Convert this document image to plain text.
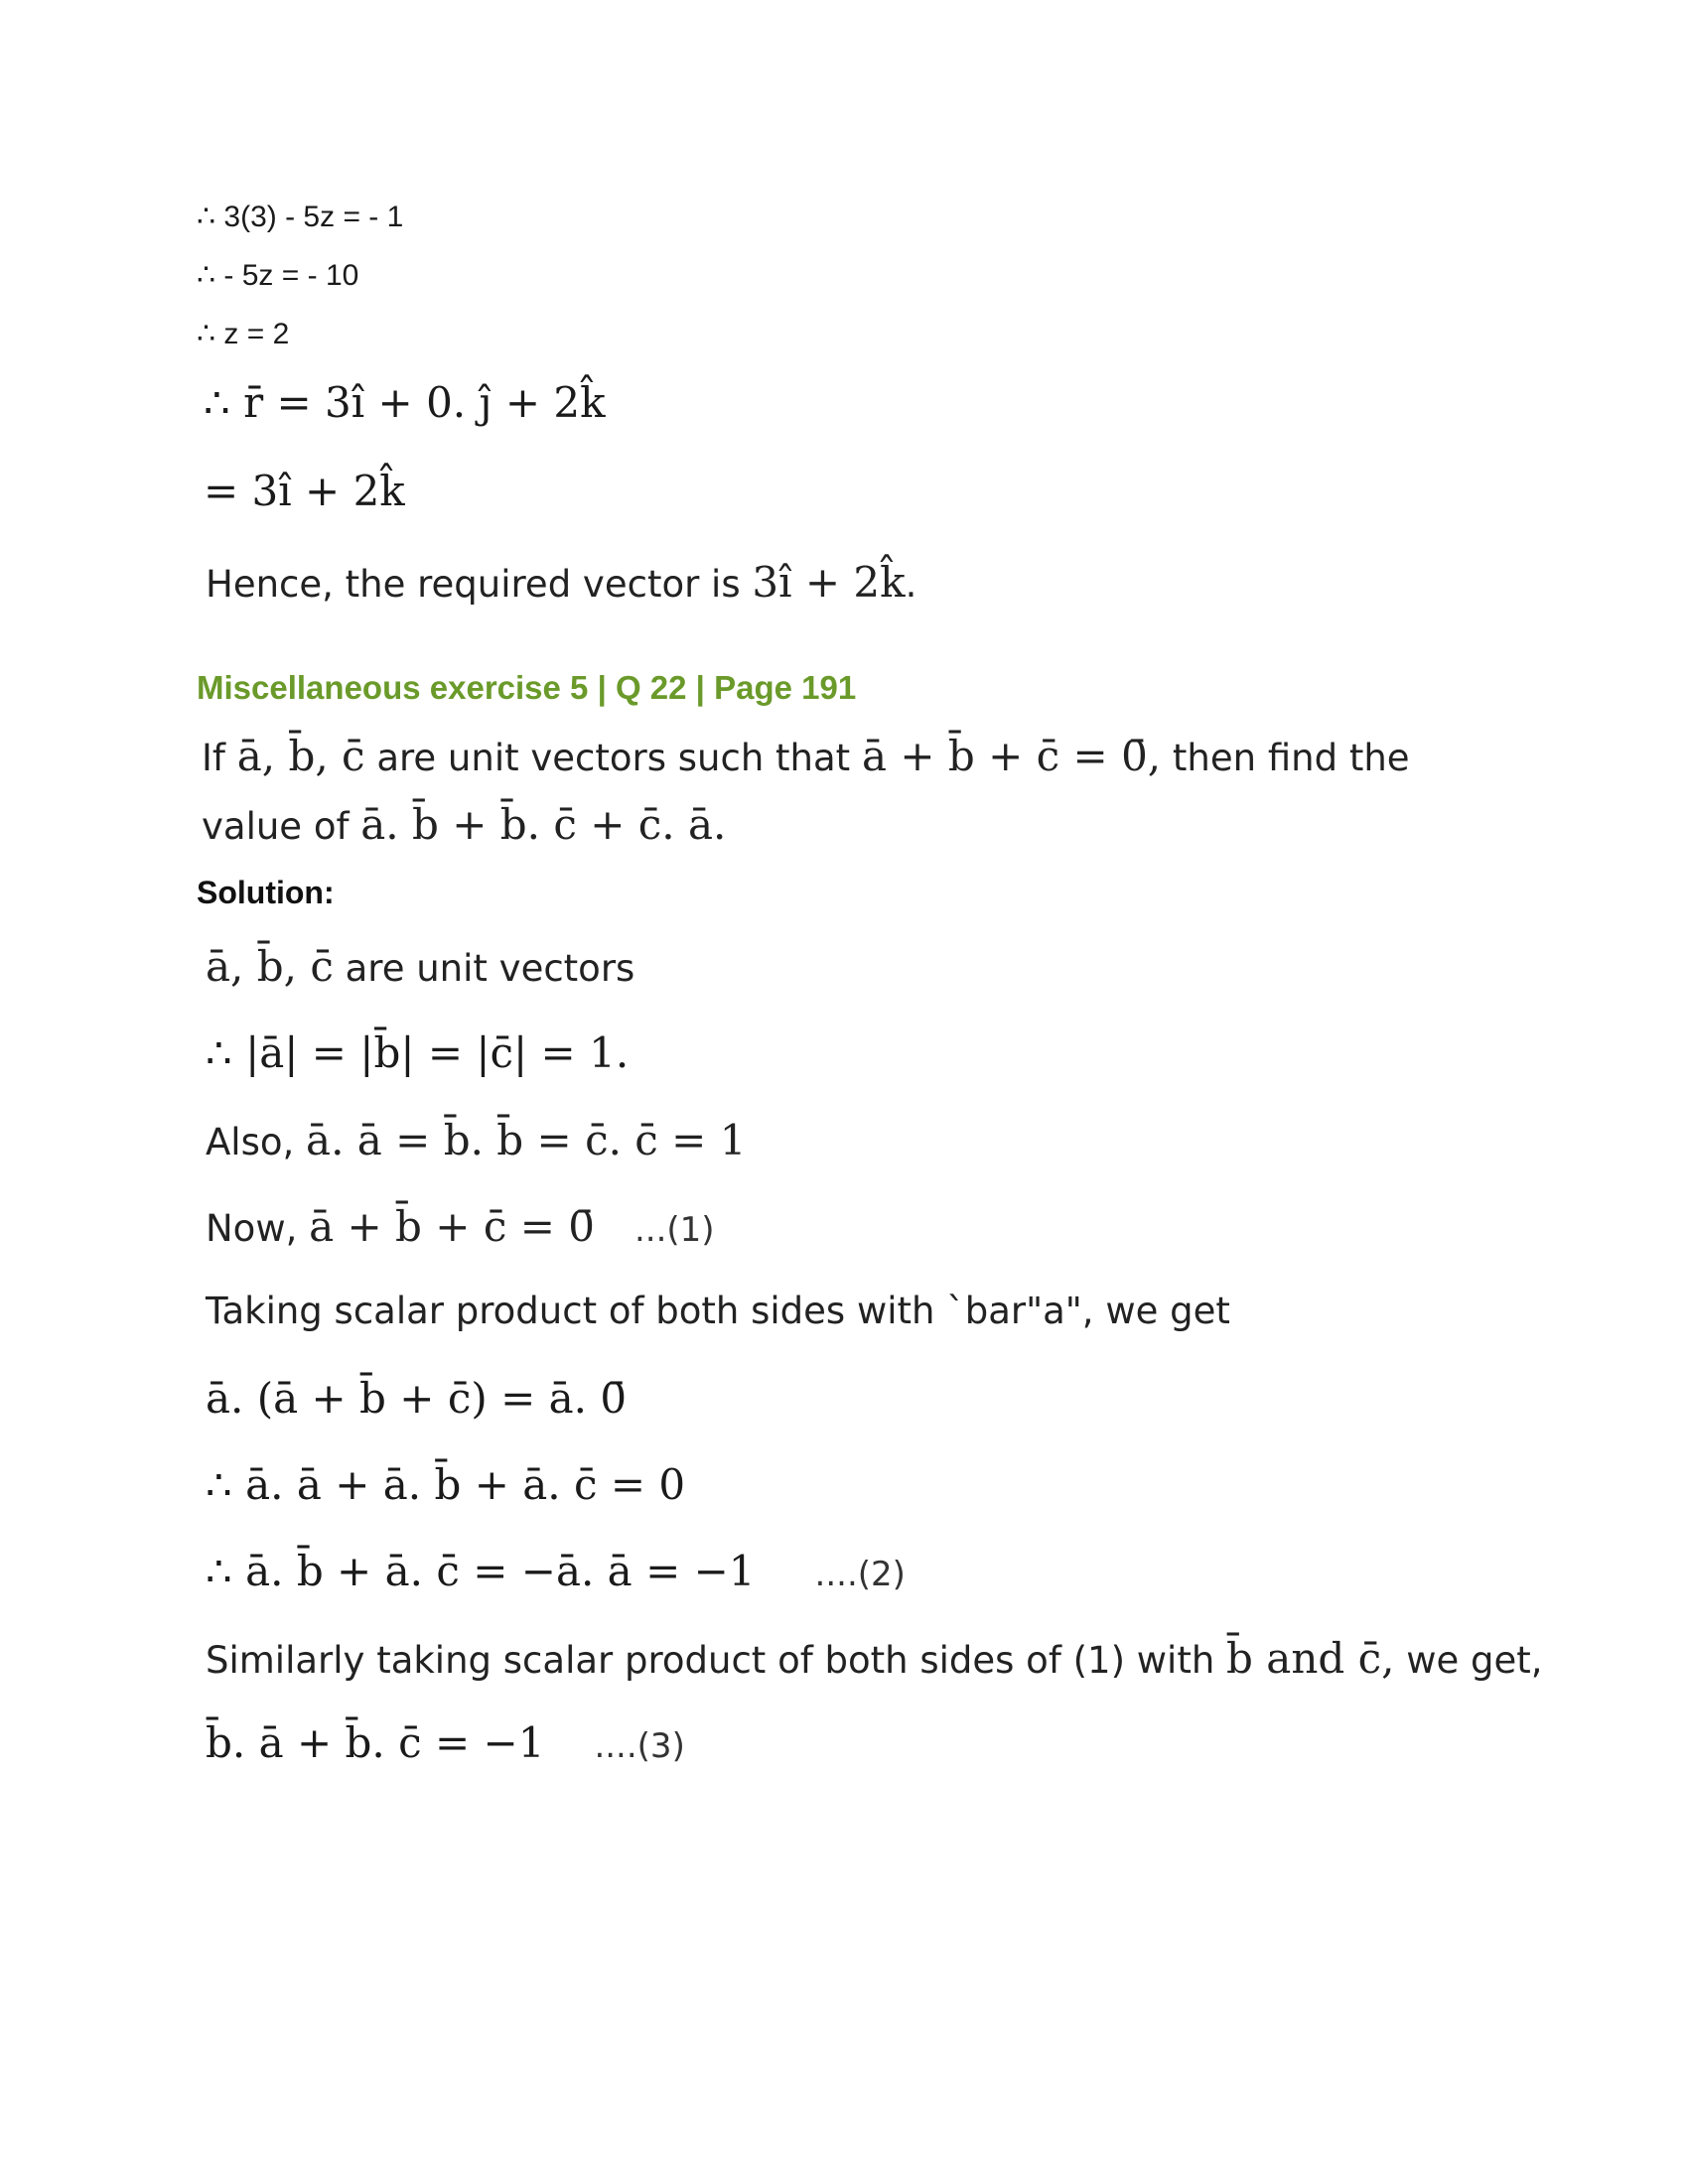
∴ 3(3) - 5z = - 1
∴ - 5z = - 10
∴ z = 2
∴ r̄ = 3î + 0. ĵ + 2k̂
= 3î + 2k̂
Hence, the required vector is 3î + 2k̂.
Miscellaneous exercise 5 | Q 22 | Page 191
If ā, b̄, c̄ are unit vectors such that ā + b̄ + c̄ = 0̄, then find the
value of ā. b̄ + b̄. c̄ + c̄. ā.
Solution:
ā, b̄, c̄ are unit vectors
∴ |ā| = |b̄| = |c̄| = 1.
Also, ā. ā = b̄. b̄ = c̄. c̄ = 1
Now, ā + b̄ + c̄ = 0̄ ...(1)
Taking scalar product of both sides with `bar"a", we get
ā. (ā + b̄ + c̄) = ā. 0̄
∴ ā. ā + ā. b̄ + ā. c̄ = 0
∴ ā. b̄ + ā. c̄ = −ā. ā = −1 ....(2)
Similarly taking scalar product of both sides of (1) with b̄ and c̄, we get,
b̄. ā + b̄. c̄ = −1 ....(3)
